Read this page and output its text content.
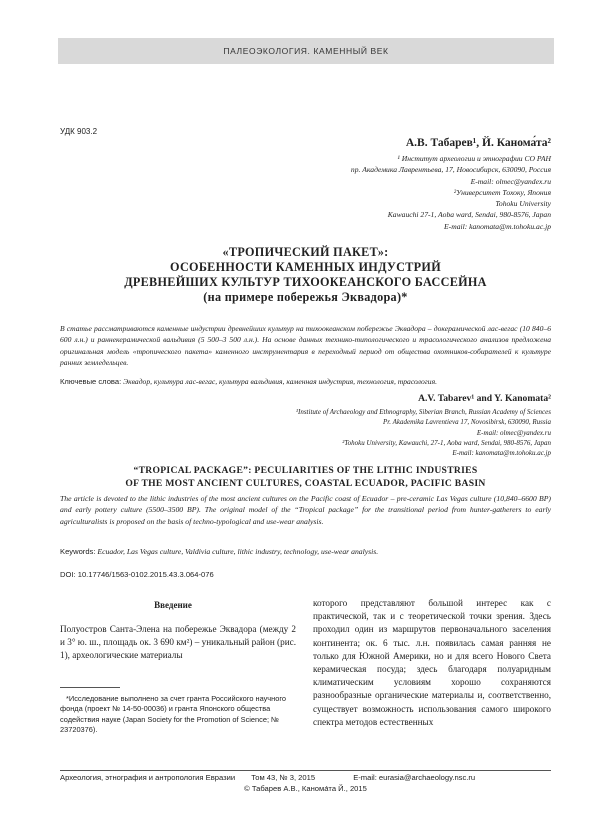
ПАЛЕОЭКОЛОГИЯ. КАМЕННЫЙ ВЕК
УДК 903.2
А.В. Табарев¹, Й. Канома́та²
¹ Институт археологии и этнографии СО РАН
пр. Академика Лаврентьева, 17, Новосибирск, 630090, Россия
E-mail: olmec@yandex.ru
²Университет Тохоку, Япония
Tohoku University
Kawauchi 27-1, Aoba ward, Sendai, 980-8576, Japan
E-mail: kanomata@m.tohoku.ac.jp
«ТРОПИЧЕСКИЙ ПАКЕТ»:
ОСОБЕННОСТИ КАМЕННЫХ ИНДУСТРИЙ
ДРЕВНЕЙШИХ КУЛЬТУР ТИХООКЕАНСКОГО БАССЕЙНА
(на примере побережья Эквадора)*
В статье рассматриваются каменные индустрии древнейших культур на тихоокеанском побережье Эквадора – докерамической лас-вегас (10 840–6 600 л.н.) и раннекерамической вальдивия (5 500–3 500 л.н.). На основе данных технико-типологического и трасологического анализов предложена оригинальная модель «тропического пакета» каменного инструментария в переходный период от общества охотников-собирателей к культуре ранних земледельцев.
Ключевые слова: Эквадор, культура лас-вегас, культура вальдивия, каменная индустрия, технология, трасология.
A.V. Tabarev¹ and Y. Kanomata²
¹Institute of Archaeology and Ethnography, Siberian Branch, Russian Academy of Sciences
Pr. Akademika Lavrentieva 17, Novosibirsk, 630090, Russia
E-mail: olmec@yandex.ru
²Tohoku University, Kawauchi, 27-1, Aoba ward, Sendai, 980-8576, Japan
E-mail: kanomata@m.tohoku.ac.jp
“TROPICAL PACKAGE”: PECULIARITIES OF THE LITHIC INDUSTRIES
OF THE MOST ANCIENT CULTURES, COASTAL ECUADOR, PACIFIC BASIN
The article is devoted to the lithic industries of the most ancient cultures on the Pacific coast of Ecuador – pre-ceramic Las Vegas culture (10,840–6600 BP) and early pottery culture (5500–3500 BP). The original model of the “Tropical package” for the transitional period from hunter-gatherers to early agriculturalists is proposed on the basis of techno-typological and use-wear analysis.
Keywords: Ecuador, Las Vegas culture, Valdivia culture, lithic industry, technology, use-wear analysis.
DOI: 10.17746/1563-0102.2015.43.3.064-076
Введение
Полуостров Санта-Элена на побережье Эквадора (между 2 и 3° ю. ш., площадь ок. 3 690 км²) – уникальный район (рис. 1), археологические материалы
*Исследование выполнено за счет гранта Российского научного фонда (проект № 14-50-00036) и гранта Японского общества содействия науке (Japan Society for the Promotion of Science; № 23720376).
которого представляют большой интерес как с практической, так и с теоретической точки зрения. Здесь проходил один из маршрутов первоначального заселения континента; ок. 6 тыс. л.н. появилась самая ранняя не только для Южной Америки, но и для всего Нового Света керамическая посуда; здесь благодаря полуаридным климатическим условиям хорошо сохраняются разнообразные органические материалы и, соответственно, существует возможность использования самого широкого спектра методов естественных
Археология, этнография и антропология Евразии Том 43, № 3, 2015	E-mail: eurasia@archaeology.nsc.ru
© Табарев А.В., Канома́та Й., 2015
